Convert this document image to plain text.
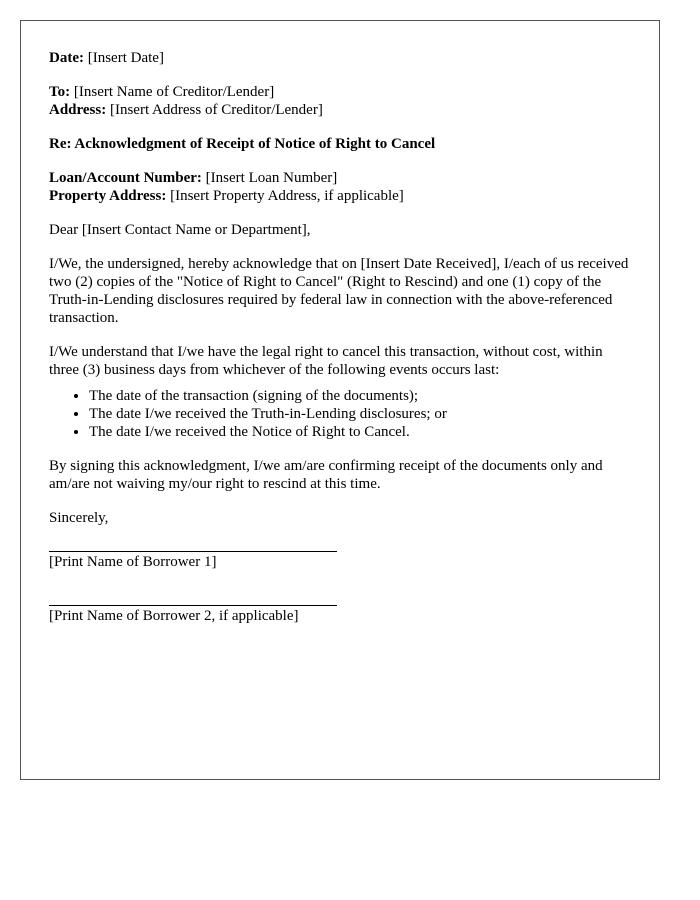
Date: [Insert Date]

To: [Insert Name of Creditor/Lender]
Address: [Insert Address of Creditor/Lender]

Re: Acknowledgment of Receipt of Notice of Right to Cancel

Loan/Account Number: [Insert Loan Number]
Property Address: [Insert Property Address, if applicable]

Dear [Insert Contact Name or Department],

I/We, the undersigned, hereby acknowledge that on [Insert Date Received], I/each of us received two (2) copies of the "Notice of Right to Cancel" (Right to Rescind) and one (1) copy of the Truth-in-Lending disclosures required by federal law in connection with the above-referenced transaction.

I/We understand that I/we have the legal right to cancel this transaction, without cost, within three (3) business days from whichever of the following events occurs last:

• The date of the transaction (signing of the documents);
• The date I/we received the Truth-in-Lending disclosures; or
• The date I/we received the Notice of Right to Cancel.

By signing this acknowledgment, I/we am/are confirming receipt of the documents only and am/are not waiving my/our right to rescind at this time.

Sincerely,

[Print Name of Borrower 1]
[Print Name of Borrower 2, if applicable]
